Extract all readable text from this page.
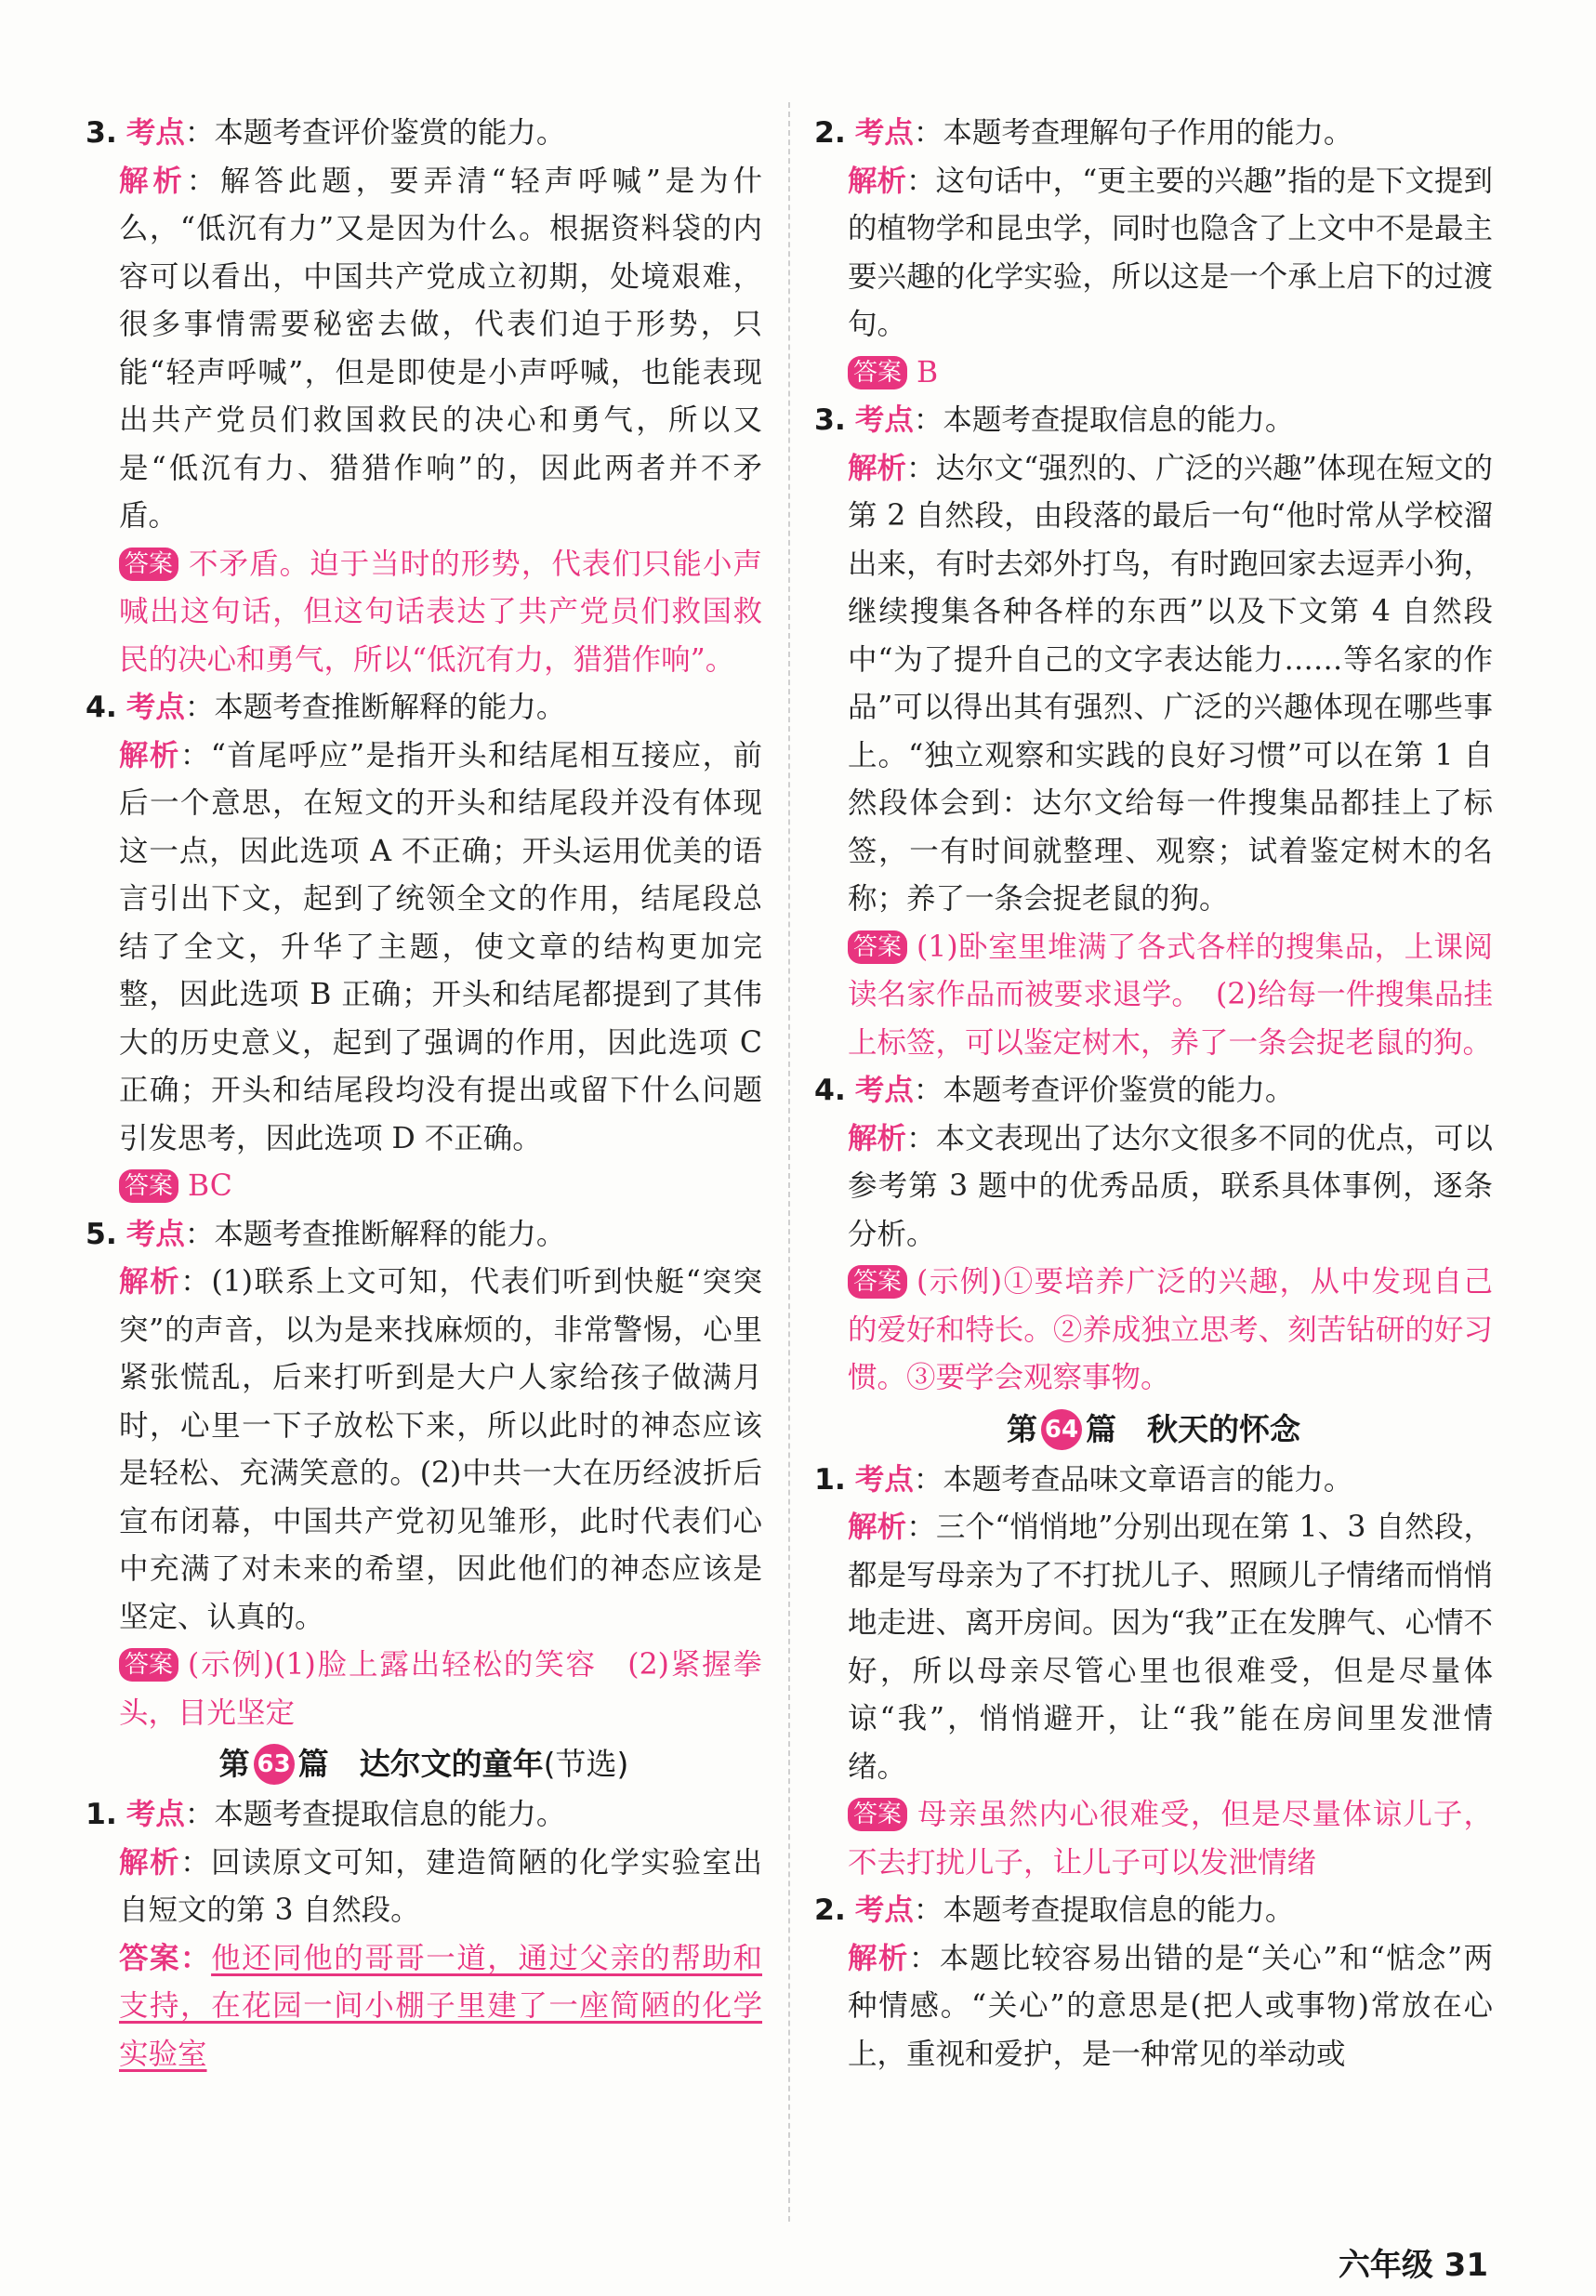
3. 考点：本题考查评价鉴赏的能力。

解析：解答此题，要弄清“轻声呼喊”是为什么，“低沉有力”又是因为什么。根据资料袋的内容可以看出，中国共产党成立初期，处境艰难，很多事情需要秘密去做，代表们迫于形势，只能“轻声呼喊”，但是即使是小声呼喊，也能表现出共产党员们救国救民的决心和勇气，所以又是“低沉有力、猎猎作响”的，因此两者并不矛盾。

答案 不矛盾。迫于当时的形势，代表们只能小声喊出这句话，但这句话表达了共产党员们救国救民的决心和勇气，所以“低沉有力，猎猎作响”。

4. 考点：本题考查推断解释的能力。

解析：“首尾呼应”是指开头和结尾相互接应，前后一个意思，在短文的开头和结尾段并没有体现这一点，因此选项 A 不正确；开头运用优美的语言引出下文，起到了统领全文的作用，结尾段总结了全文，升华了主题，使文章的结构更加完整，因此选项 B 正确；开头和结尾都提到了其伟大的历史意义，起到了强调的作用，因此选项 C 正确；开头和结尾段均没有提出或留下什么问题引发思考，因此选项 D 不正确。

答案 BC

5. 考点：本题考查推断解释的能力。

解析：(1)联系上文可知，代表们听到快艇“突突突”的声音，以为是来找麻烦的，非常警惕，心里紧张慌乱，后来打听到是大户人家给孩子做满月时，心里一下子放松下来，所以此时的神态应该是轻松、充满笑意的。(2)中共一大在历经波折后宣布闭幕，中国共产党初见雏形，此时代表们心中充满了对未来的希望，因此他们的神态应该是坚定、认真的。

答案 (示例)(1)脸上露出轻松的笑容　(2)紧握拳头，目光坚定

第 63 篇　达尔文的童年(节选)

1. 考点：本题考查提取信息的能力。

解析：回读原文可知，建造简陋的化学实验室出自短文的第 3 自然段。

答案：他还同他的哥哥一道，通过父亲的帮助和支持，在花园一间小棚子里建了一座简陋的化学实验室

2. 考点：本题考查理解句子作用的能力。

解析：这句话中，“更主要的兴趣”指的是下文提到的植物学和昆虫学，同时也隐含了上文中不是最主要兴趣的化学实验，所以这是一个承上启下的过渡句。

答案 B

3. 考点：本题考查提取信息的能力。

解析：达尔文“强烈的、广泛的兴趣”体现在短文的第 2 自然段，由段落的最后一句“他时常从学校溜出来，有时去郊外打鸟，有时跑回家去逗弄小狗，继续搜集各种各样的东西”以及下文第 4 自然段中“为了提升自己的文字表达能力……等名家的作品”可以得出其有强烈、广泛的兴趣体现在哪些事上。“独立观察和实践的良好习惯”可以在第 1 自然段体会到：达尔文给每一件搜集品都挂上了标签，一有时间就整理、观察；试着鉴定树木的名称；养了一条会捉老鼠的狗。

答案 (1)卧室里堆满了各式各样的搜集品，上课阅读名家作品而被要求退学。　(2)给每一件搜集品挂上标签，可以鉴定树木，养了一条会捉老鼠的狗。

4. 考点：本题考查评价鉴赏的能力。

解析：本文表现出了达尔文很多不同的优点，可以参考第 3 题中的优秀品质，联系具体事例，逐条分析。

答案 (示例)①要培养广泛的兴趣，从中发现自己的爱好和特长。②养成独立思考、刻苦钻研的好习惯。③要学会观察事物。

第 64 篇　秋天的怀念

1. 考点：本题考查品味文章语言的能力。

解析：三个“悄悄地”分别出现在第 1、3 自然段，都是写母亲为了不打扰儿子、照顾儿子情绪而悄悄地走进、离开房间。因为“我”正在发脾气、心情不好，所以母亲尽管心里也很难受，但是尽量体谅“我”，悄悄避开，让“我”能在房间里发泄情绪。

答案 母亲虽然内心很难受，但是尽量体谅儿子，不去打扰儿子，让儿子可以发泄情绪

2. 考点：本题考查提取信息的能力。

解析：本题比较容易出错的是“关心”和“惦念”两种情感。“关心”的意思是(把人或事物)常放在心上，重视和爱护，是一种常见的举动或

六年级 31
